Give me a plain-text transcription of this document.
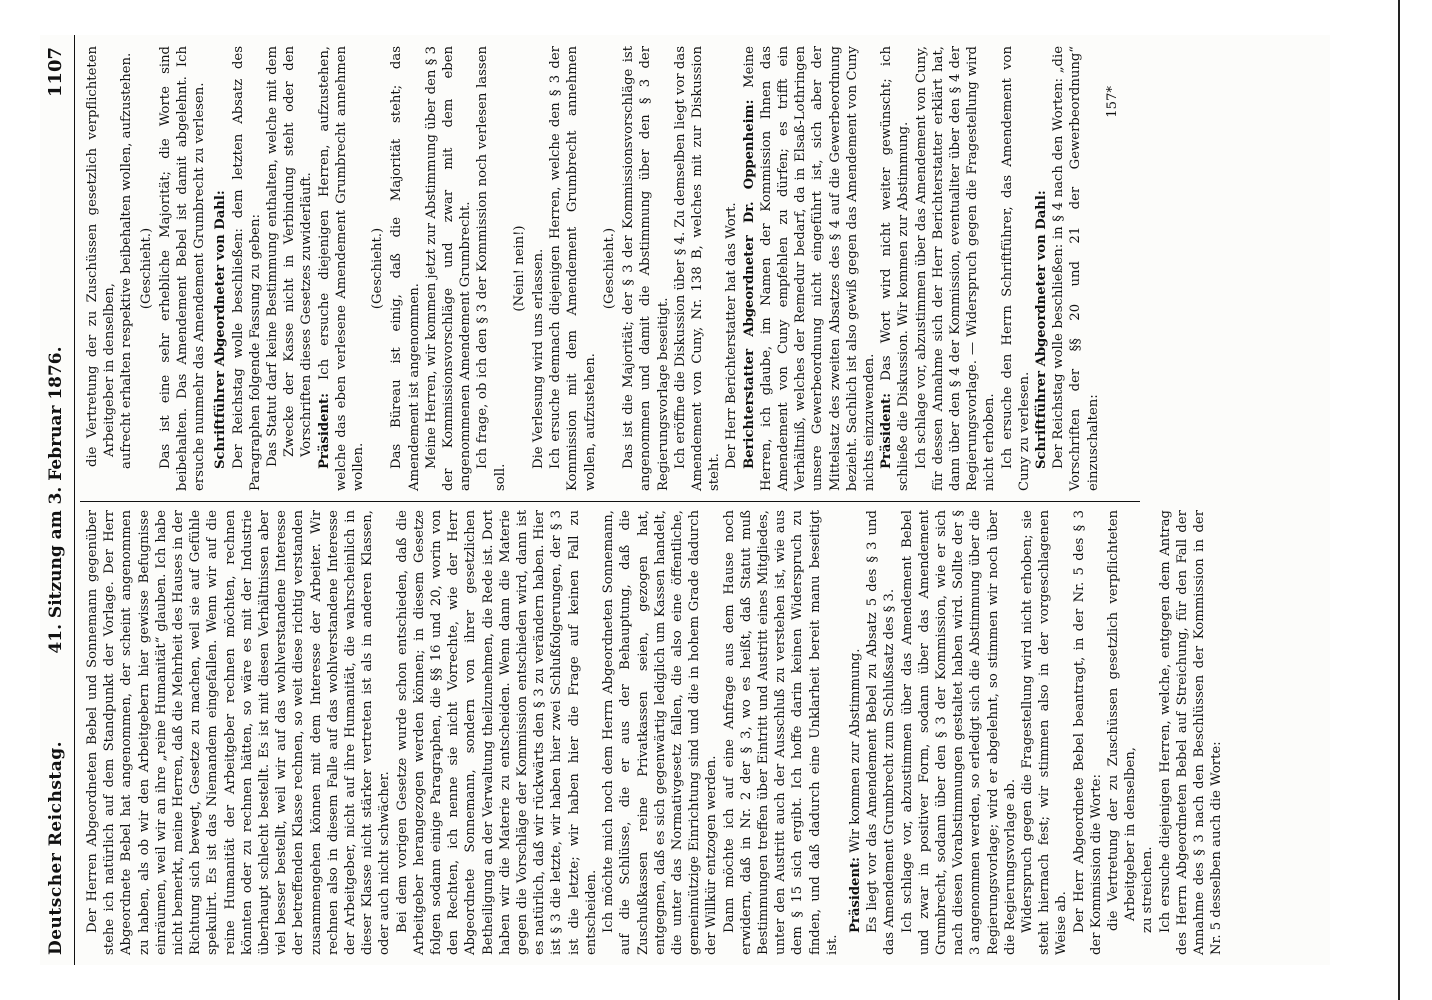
Deutscher Reichstag.
41. Sitzung am 3. Februar 1876.
1107

Der Herren Abgeordneten Bebel und Sonnemann gegenüber stehe ich natürlich auf dem Standpunkt der Vorlage. Der Herr Abgeordnete Bebel hat angenommen, der scheint angenommen zu haben, als ob wir den Arbeitgebern hier gewisse Befugnisse einräumen, weil wir an ihre „reine Humanität“ glauben. Ich habe nicht bemerkt, meine Herren, daß die Mehrheit des Hauses in der Richtung sich bewegt, Gesetze zu machen, weil sie auf Gefühle spekulirt. Es ist das Niemandem eingefallen. Wenn wir auf die reine Humanität der Arbeitgeber rechnen möchten, rechnen könnten oder zu rechnen hätten, so wäre es mit der Industrie überhaupt schlecht bestellt. Es ist mit diesen Verhältnissen aber viel besser bestellt, weil wir auf das wohlverstandene Interesse der betreffenden Klasse rechnen, so weit diese richtig verstanden zusammengehen können mit dem Interesse der Arbeiter. Wir rechnen also in diesem Falle auf das wohlverstandene Interesse der Arbeitgeber, nicht auf ihre Humanität, die wahrscheinlich in dieser Klasse nicht stärker vertreten ist als in anderen Klassen, oder auch nicht schwächer. Bei dem vorigen Gesetze wurde schon entschieden, daß die Arbeitgeber herangezogen werden können; in diesem Gesetze folgen sodann einige Paragraphen, die §§ 16 und 20, worin von den Rechten, ich nenne sie nicht Vorrechte, wie der Herr Abgeordnete Sonnemann, sondern von ihrer gesetzlichen Betheiligung an der Verwaltung theilzunehmen, die Rede ist. Dort haben wir die Materie zu entscheiden. Wenn dann die Materie gegen die Vorschläge der Kommission entschieden wird, dann ist es natürlich, daß wir rückwärts den § 3 zu verändern haben. Hier ist § 3 die letzte, wir haben hier zwei Schlußfolgerungen, der § 3 ist die letzte; wir haben hier die Frage auf keinen Fall zu entscheiden. Ich möchte mich noch dem Herrn Abgeordneten Sonnemann, auf die Schlüsse, die er aus der Behauptung, daß die Zuschußkassen reine Privatkassen seien, gezogen hat, entgegnen, daß es sich gegenwärtig lediglich um Kassen handelt, die unter das Normativgesetz fallen, die also eine öffentliche, gemeinnützige Einrichtung sind und die in hohem Grade dadurch der Willkür entzogen werden. Dann möchte ich auf eine Anfrage aus dem Hause noch erwidern, daß in Nr. 2 der § 3, wo es heißt, daß Statut muß Bestimmungen treffen über Eintritt und Austritt eines Mitgliedes, unter den Austritt auch der Ausschluß zu verstehen ist, wie aus dem § 15 sich ergibt. Ich hoffe darin keinen Widerspruch zu finden, und daß dadurch eine Unklarheit bereit manu beseitigt ist.

Präsident: Wir kommen zur Abstimmung. Es liegt vor das Amendement Bebel zu Absatz 5 des § 3 und das Amendement Grumbrecht zum Schlußsatz des § 3. Ich schlage vor, abzustimmen über das Amendement Bebel und zwar in positiver Form, sodann über das Amendement Grumbrecht, sodann über den § 3 der Kommission, wie er sich nach diesen Vorabstimmungen gestaltet haben wird. Sollte der § 3 angenommen werden, so erledigt sich die Abstimmung über die Regierungsvorlage; wird er abgelehnt, so stimmen wir noch über die Regierungsvorlage ab. Widerspruch gegen die Fragestellung wird nicht erhoben; sie steht hiernach fest; wir stimmen also in der vorgeschlagenen Weise ab. Der Herr Abgeordnete Bebel beantragt, in der Nr. 5 des § 3 der Kommission die Worte: die Vertretung der zu Zuschüssen gesetzlich verpflichteten Arbeitgeber in denselben, zu streichen. Ich ersuche diejenigen Herren, welche, entgegen dem Antrag des Herrn Abgeordneten Bebel auf Streichung, für den Fall der Annahme des § 3 nach den Beschlüssen der Kommission in der Nr. 5 desselben auch die Worte:

die Vertretung der zu Zuschüssen gesetzlich verpflichteten Arbeitgeber in denselben, aufrecht erhalten respektive beibehalten wollen, aufzustehen. (Geschieht.) Das ist eine sehr erhebliche Majorität; die Worte sind beibehalten. Das Amendement Bebel ist damit abgelehnt. Ich ersuche nunmehr das Amendement Grumbrecht zu verlesen. Schriftführer Abgeordneter von Dahl: Der Reichstag wolle beschließen: dem letzten Absatz des Paragraphen folgende Fassung zu geben: Das Statut darf keine Bestimmung enthalten, welche mit dem Zwecke der Kasse nicht in Verbindung steht oder den Vorschriften dieses Gesetzes zuwiderläuft. Präsident: Ich ersuche diejenigen Herren, aufzustehen, welche das eben verlesene Amendement Grumbrecht annehmen wollen.

(Geschieht.) Das Büreau ist einig, daß die Majorität steht; das Amendement ist angenommen. Meine Herren, wir kommen jetzt zur Abstimmung über den § 3 der Kommissionsvorschläge und zwar mit dem eben angenommenen Amendement Grumbrecht. Ich frage, ob ich den § 3 der Kommission noch verlesen lassen soll.

(Nein! nein!) Die Verlesung wird uns erlassen. Ich ersuche demnach diejenigen Herren, welche den § 3 der Kommission mit dem Amendement Grumbrecht annehmen wollen, aufzustehen.

(Geschieht.) Das ist die Majorität; der § 3 der Kommissionsvorschläge ist angenommen und damit die Abstimmung über den § 3 der Regierungsvorlage beseitigt. Ich eröffne die Diskussion über § 4. Zu demselben liegt vor das Amendement von Cuny, Nr. 138 B, welches mit zur Diskussion steht.

Der Herr Berichterstatter hat das Wort. Berichterstatter Abgeordneter Dr. Oppenheim: Meine Herren, ich glaube, im Namen der Kommission Ihnen das Amendement von Cuny empfehlen zu dürfen; es trifft ein Verhältniß, welches der Remedur bedarf, da in Elsaß-Lothringen unsere Gewerbeordnung nicht eingeführt ist, sich aber der Mittelsatz des zweiten Absatzes des § 4 auf die Gewerbeordnung bezieht. Sachlich ist also gewiß gegen das Amendement von Cuny nichts einzuwenden. Präsident: Das Wort wird nicht weiter gewünscht; ich schließe die Diskussion. Wir kommen zur Abstimmung. Ich schlage vor, abzustimmen über das Amendement von Cuny, für dessen Annahme sich der Herr Berichterstatter erklärt hat, dann über den § 4 der Kommission, eventualiter über den § 4 der Regierungsvorlage. — Widerspruch gegen die Fragestellung wird nicht erhoben. Ich ersuche den Herrn Schriftführer, das Amendement von Cuny zu verlesen. Schriftführer Abgeordneter von Dahl: Der Reichstag wolle beschließen: in § 4 nach den Worten: „die Vorschriften der §§ 20 und 21 der Gewerbeordnung“ einzuschalten:

157*
